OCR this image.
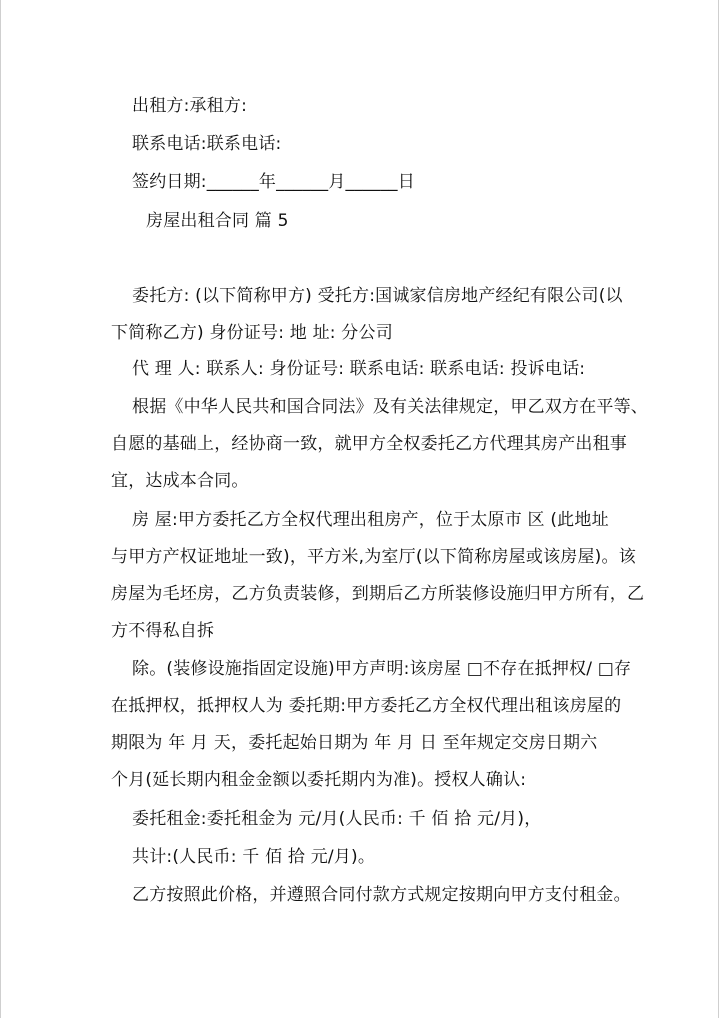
出租方:承租方:
联系电话:联系电话:
签约日期:______年______月______日
房屋出租合同 篇 5
委托方: (以下简称甲方) 受托方:国诚家信房地产经纪有限公司(以
下简称乙方) 身份证号: 地 址: 分公司
代 理 人: 联系人: 身份证号: 联系电话: 联系电话: 投诉电话:
根据《中华人民共和国合同法》及有关法律规定，甲乙双方在平等、
自愿的基础上，经协商一致，就甲方全权委托乙方代理其房产出租事
宜，达成本合同。
房 屋:甲方委托乙方全权代理出租房产，位于太原市 区 (此地址
与甲方产权证地址一致)，平方米,为室厅(以下简称房屋或该房屋)。该
房屋为毛坯房，乙方负责装修，到期后乙方所装修设施归甲方所有，乙
方不得私自拆
除。(装修设施指固定设施)甲方声明:该房屋 □不存在抵押权/ □存
在抵押权，抵押权人为 委托期:甲方委托乙方全权代理出租该房屋的
期限为 年 月 天，委托起始日期为 年 月 日 至年规定交房日期六
个月(延长期内租金金额以委托期内为准)。授权人确认:
委托租金:委托租金为 元/月(人民币: 千 佰 拾 元/月)，
共计:(人民币: 千 佰 拾 元/月)。
乙方按照此价格，并遵照合同付款方式规定按期向甲方支付租金。
